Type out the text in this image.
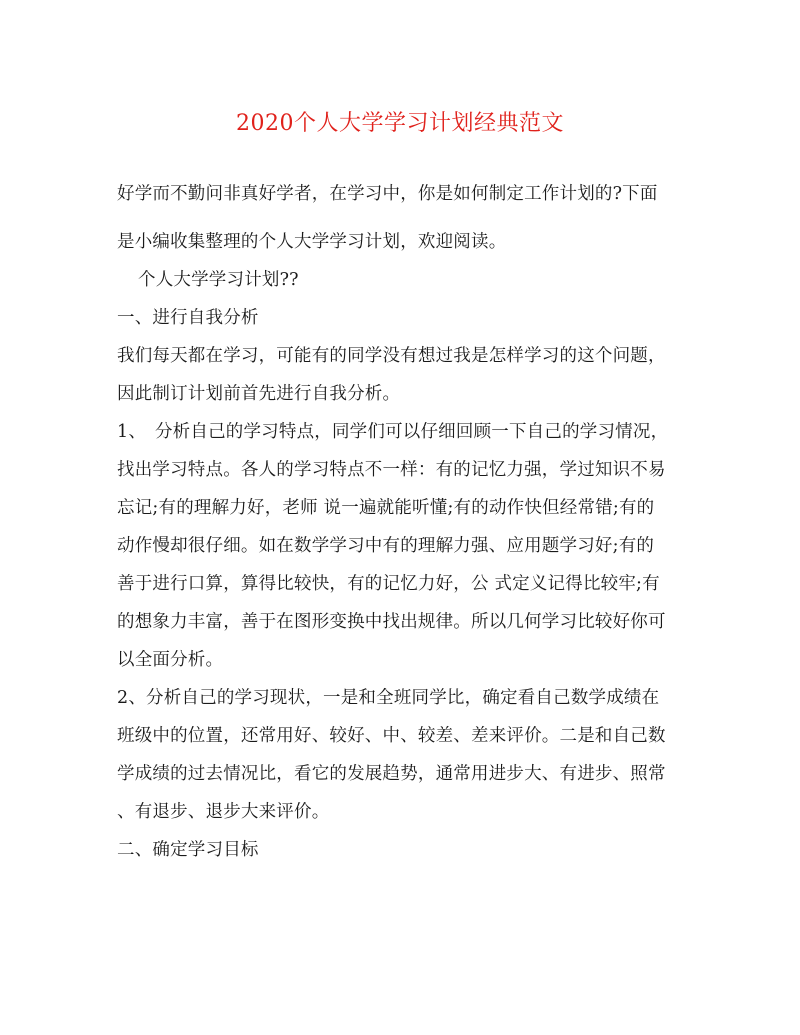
2020个人大学学习计划经典范文
好学而不勤问非真好学者，在学习中，你是如何制定工作计划的?下面
是小编收集整理的个人大学学习计划，欢迎阅读。
个人大学学习计划??
一、进行自我分析
我们每天都在学习，可能有的同学没有想过我是怎样学习的这个问题，
因此制订计划前首先进行自我分析。
1、　分析自己的学习特点，同学们可以仔细回顾一下自己的学习情况，
找出学习特点。各人的学习特点不一样：有的记忆力强，学过知识不易
忘记;有的理解力好，老师 说一遍就能听懂;有的动作快但经常错;有的
动作慢却很仔细。如在数学学习中有的理解力强、应用题学习好;有的
善于进行口算，算得比较快，有的记忆力好，公 式定义记得比较牢;有
的想象力丰富，善于在图形变换中找出规律。所以几何学习比较好你可
以全面分析。
2、分析自己的学习现状，一是和全班同学比，确定看自己数学成绩在
班级中的位置，还常用好、较好、中、较差、差来评价。二是和自己数
学成绩的过去情况比，看它的发展趋势，通常用进步大、有进步、照常
、有退步、退步大来评价。
二、确定学习目标
